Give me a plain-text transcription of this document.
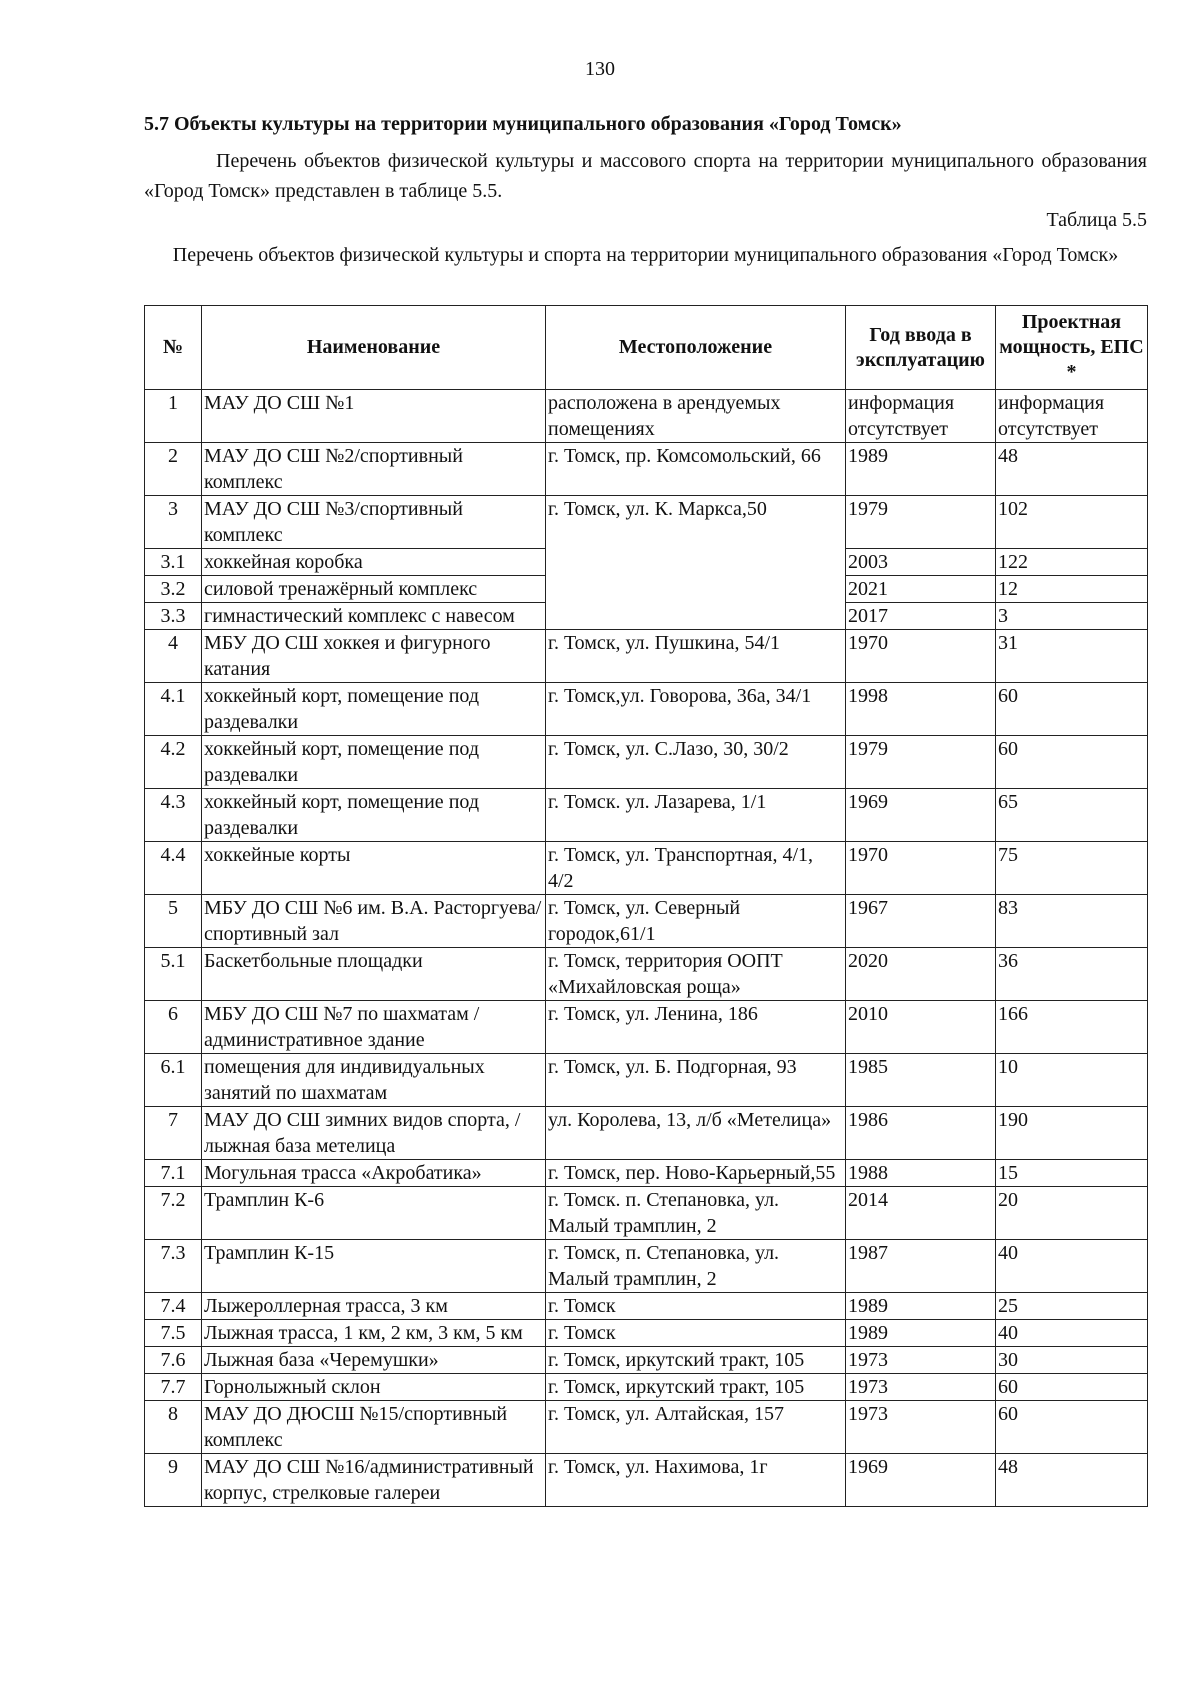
130
5.7 Объекты культуры на территории муниципального образования «Город Томск»

Перечень объектов физической культуры и массового спорта на территории муниципального образования «Город Томск» представлен в таблице 5.5.

Таблица 5.5
Перечень объектов физической культуры и спорта на территории муниципального образования «Город Томск»
№	Наименование	Местоположение	Год ввода в эксплуатацию	Проектная мощность, ЕПС *
1	МАУ ДО СШ №1	расположена в арендуемых помещениях	информация отсутствует	информация отсутствует
2	МАУ ДО СШ №2/спортивный комплекс	г. Томск, пр. Комсомольский, 66	1989	48
3	МАУ ДО СШ №3/спортивный комплекс	г. Томск, ул. К. Маркса,50	1979	102
3.1	хоккейная коробка		2003	122
3.2	силовой тренажёрный комплекс		2021	12
3.3	гимнастический комплекс с навесом		2017	3
4	МБУ ДО СШ хоккея и фигурного катания	г. Томск, ул. Пушкина, 54/1	1970	31
4.1	хоккейный корт, помещение под раздевалки	г. Томск,ул. Говорова, 36а, 34/1	1998	60
4.2	хоккейный корт, помещение под раздевалки	г. Томск, ул. С.Лазо, 30, 30/2	1979	60
4.3	хоккейный корт, помещение под раздевалки	г. Томск. ул. Лазарева, 1/1	1969	65
4.4	хоккейные корты	г. Томск, ул. Транспортная, 4/1, 4/2	1970	75
5	МБУ ДО СШ №6 им. В.А. Расторгуева/спортивный зал	г. Томск, ул. Северный городок,61/1	1967	83
5.1	Баскетбольные площадки	г. Томск, территория ООПТ «Михайловская роща»	2020	36
6	МБУ ДО СШ №7 по шахматам /административное здание	г. Томск, ул. Ленина, 186	2010	166
6.1	помещения для индивидуальных занятий по шахматам	г. Томск, ул. Б. Подгорная, 93	1985	10
7	МАУ ДО СШ зимних видов спорта, /лыжная база метелица	ул. Королева, 13, л/б «Метелица»	1986	190
7.1	Могульная трасса «Акробатика»	г. Томск, пер. Ново-Карьерный,55	1988	15
7.2	Трамплин К-6	г. Томск. п. Степановка, ул. Малый трамплин, 2	2014	20
7.3	Трамплин К-15	г. Томск, п. Степановка, ул. Малый трамплин, 2	1987	40
7.4	Лыжероллерная трасса, 3 км	г. Томск	1989	25
7.5	Лыжная трасса, 1 км, 2 км, 3 км, 5 км	г. Томск	1989	40
7.6	Лыжная база «Черемушки»	г. Томск, иркутский тракт, 105	1973	30
7.7	Горнолыжный склон	г. Томск, иркутский тракт, 105	1973	60
8	МАУ ДО ДЮСШ №15/спортивный комплекс	г. Томск, ул. Алтайская, 157	1973	60
9	МАУ ДО СШ №16/административный корпус, стрелковые галереи	г. Томск, ул. Нахимова, 1г	1969	48
